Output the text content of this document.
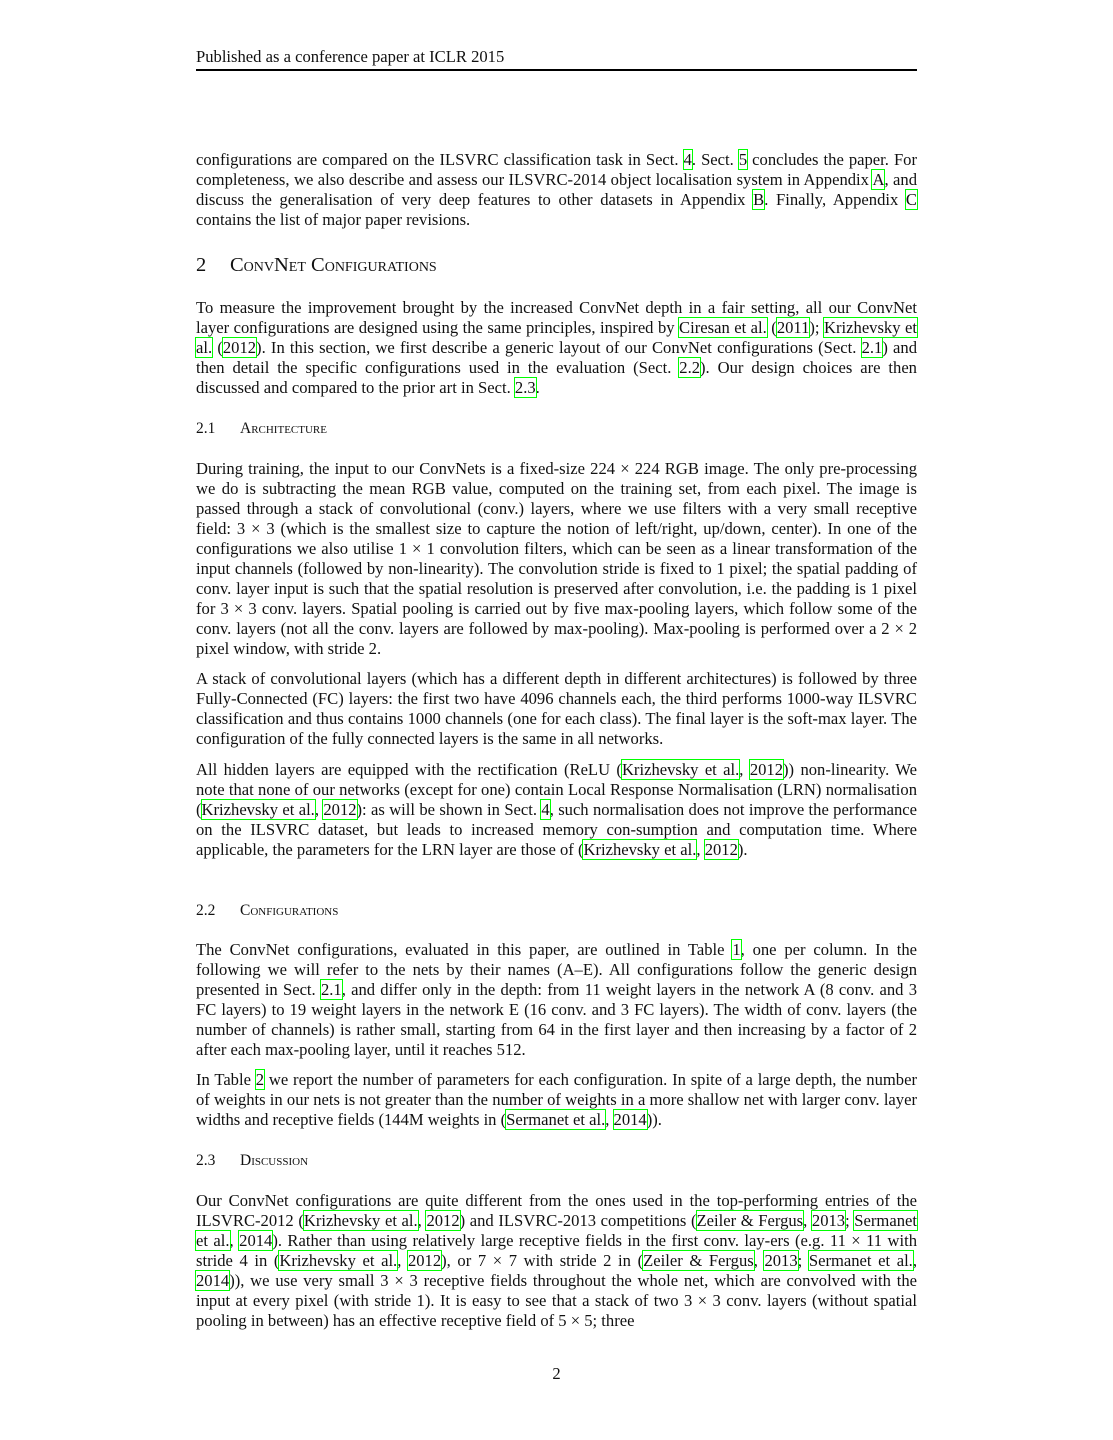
Published as a conference paper at ICLR 2015
configurations are compared on the ILSVRC classification task in Sect. 4. Sect. 5 concludes the paper. For completeness, we also describe and assess our ILSVRC-2014 object localisation system in Appendix A, and discuss the generalisation of very deep features to other datasets in Appendix B. Finally, Appendix C contains the list of major paper revisions.
2 ConvNet Configurations
To measure the improvement brought by the increased ConvNet depth in a fair setting, all our ConvNet layer configurations are designed using the same principles, inspired by Ciresan et al. (2011); Krizhevsky et al. (2012). In this section, we first describe a generic layout of our ConvNet configurations (Sect. 2.1) and then detail the specific configurations used in the evaluation (Sect. 2.2). Our design choices are then discussed and compared to the prior art in Sect. 2.3.
2.1 Architecture
During training, the input to our ConvNets is a fixed-size 224 × 224 RGB image. The only pre-processing we do is subtracting the mean RGB value, computed on the training set, from each pixel. The image is passed through a stack of convolutional (conv.) layers, where we use filters with a very small receptive field: 3 × 3 (which is the smallest size to capture the notion of left/right, up/down, center). In one of the configurations we also utilise 1 × 1 convolution filters, which can be seen as a linear transformation of the input channels (followed by non-linearity). The convolution stride is fixed to 1 pixel; the spatial padding of conv. layer input is such that the spatial resolution is preserved after convolution, i.e. the padding is 1 pixel for 3 × 3 conv. layers. Spatial pooling is carried out by five max-pooling layers, which follow some of the conv. layers (not all the conv. layers are followed by max-pooling). Max-pooling is performed over a 2 × 2 pixel window, with stride 2.
A stack of convolutional layers (which has a different depth in different architectures) is followed by three Fully-Connected (FC) layers: the first two have 4096 channels each, the third performs 1000-way ILSVRC classification and thus contains 1000 channels (one for each class). The final layer is the soft-max layer. The configuration of the fully connected layers is the same in all networks.
All hidden layers are equipped with the rectification (ReLU (Krizhevsky et al., 2012)) non-linearity. We note that none of our networks (except for one) contain Local Response Normalisation (LRN) normalisation (Krizhevsky et al., 2012): as will be shown in Sect. 4, such normalisation does not improve the performance on the ILSVRC dataset, but leads to increased memory con-sumption and computation time. Where applicable, the parameters for the LRN layer are those of (Krizhevsky et al., 2012).
2.2 Configurations
The ConvNet configurations, evaluated in this paper, are outlined in Table 1, one per column. In the following we will refer to the nets by their names (A–E). All configurations follow the generic design presented in Sect. 2.1, and differ only in the depth: from 11 weight layers in the network A (8 conv. and 3 FC layers) to 19 weight layers in the network E (16 conv. and 3 FC layers). The width of conv. layers (the number of channels) is rather small, starting from 64 in the first layer and then increasing by a factor of 2 after each max-pooling layer, until it reaches 512.
In Table 2 we report the number of parameters for each configuration. In spite of a large depth, the number of weights in our nets is not greater than the number of weights in a more shallow net with larger conv. layer widths and receptive fields (144M weights in (Sermanet et al., 2014)).
2.3 Discussion
Our ConvNet configurations are quite different from the ones used in the top-performing entries of the ILSVRC-2012 (Krizhevsky et al., 2012) and ILSVRC-2013 competitions (Zeiler & Fergus, 2013; Sermanet et al., 2014). Rather than using relatively large receptive fields in the first conv. lay-ers (e.g. 11 × 11 with stride 4 in (Krizhevsky et al., 2012), or 7 × 7 with stride 2 in (Zeiler & Fergus, 2013; Sermanet et al., 2014)), we use very small 3 × 3 receptive fields throughout the whole net, which are convolved with the input at every pixel (with stride 1). It is easy to see that a stack of two 3 × 3 conv. layers (without spatial pooling in between) has an effective receptive field of 5 × 5; three
2
